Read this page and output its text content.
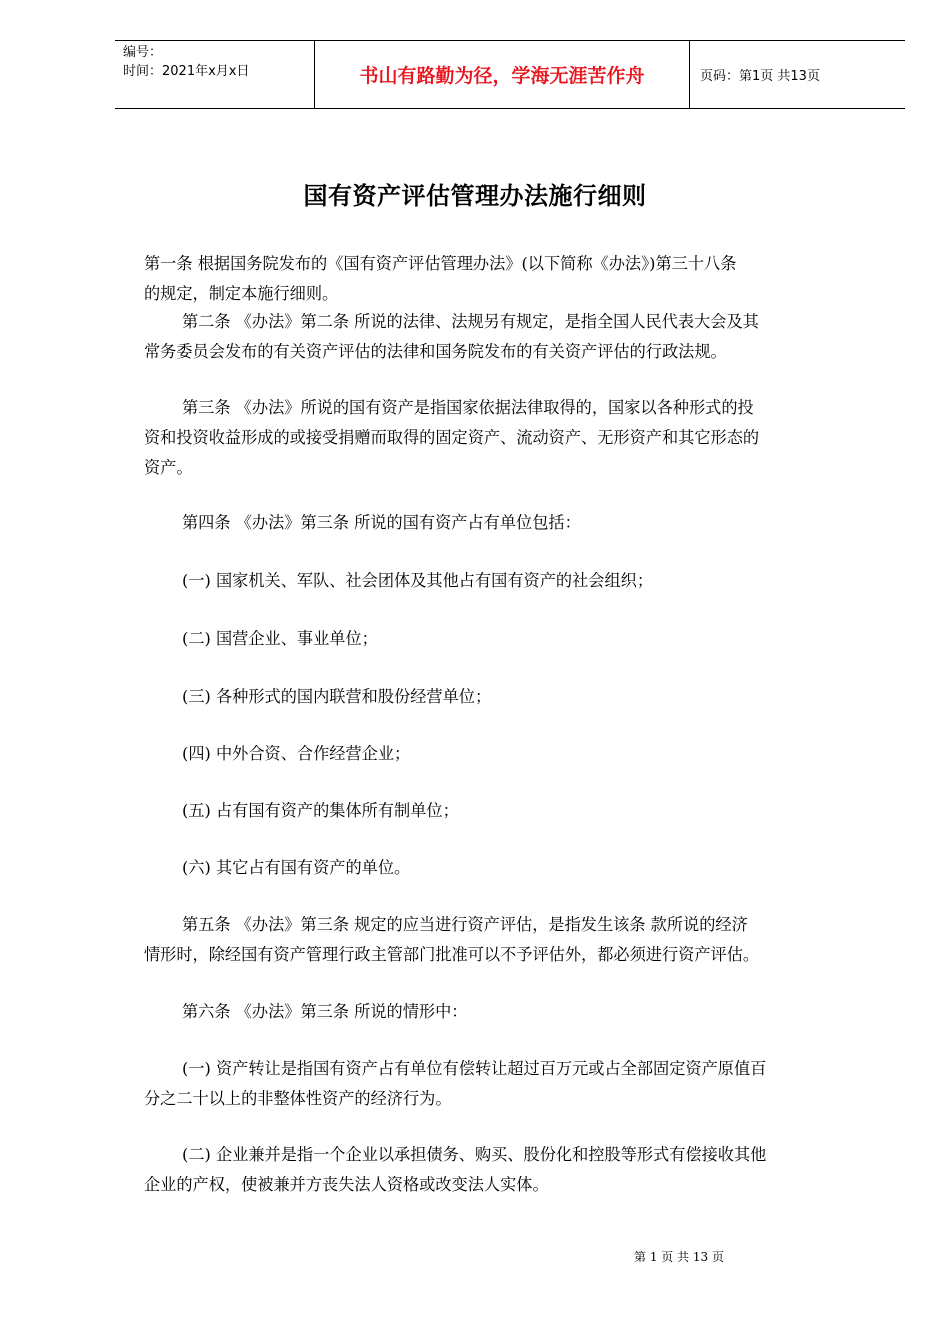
编号：
时间：2021年x月x日	书山有路勤为径，学海无涯苦作舟	页码：第1页 共13页
国有资产评估管理办法施行细则
第一条 根据国务院发布的《国有资产评估管理办法》(以下简称《办法》)第三十八条
的规定，制定本施行细则。
第二条 《办法》第二条 所说的法律、法规另有规定，是指全国人民代表大会及其
常务委员会发布的有关资产评估的法律和国务院发布的有关资产评估的行政法规。
第三条 《办法》所说的国有资产是指国家依据法律取得的，国家以各种形式的投
资和投资收益形成的或接受捐赠而取得的固定资产、流动资产、无形资产和其它形态的
资产。
第四条 《办法》第三条 所说的国有资产占有单位包括：
(一) 国家机关、军队、社会团体及其他占有国有资产的社会组织；
(二) 国营企业、事业单位；
(三) 各种形式的国内联营和股份经营单位；
(四) 中外合资、合作经营企业；
(五) 占有国有资产的集体所有制单位；
(六) 其它占有国有资产的单位。
第五条 《办法》第三条 规定的应当进行资产评估，是指发生该条 款所说的经济
情形时，除经国有资产管理行政主管部门批准可以不予评估外，都必须进行资产评估。
第六条 《办法》第三条 所说的情形中：
(一) 资产转让是指国有资产占有单位有偿转让超过百万元或占全部固定资产原值百
分之二十以上的非整体性资产的经济行为。
(二) 企业兼并是指一个企业以承担债务、购买、股份化和控股等形式有偿接收其他
企业的产权，使被兼并方丧失法人资格或改变法人实体。
第 1 页 共 13 页
